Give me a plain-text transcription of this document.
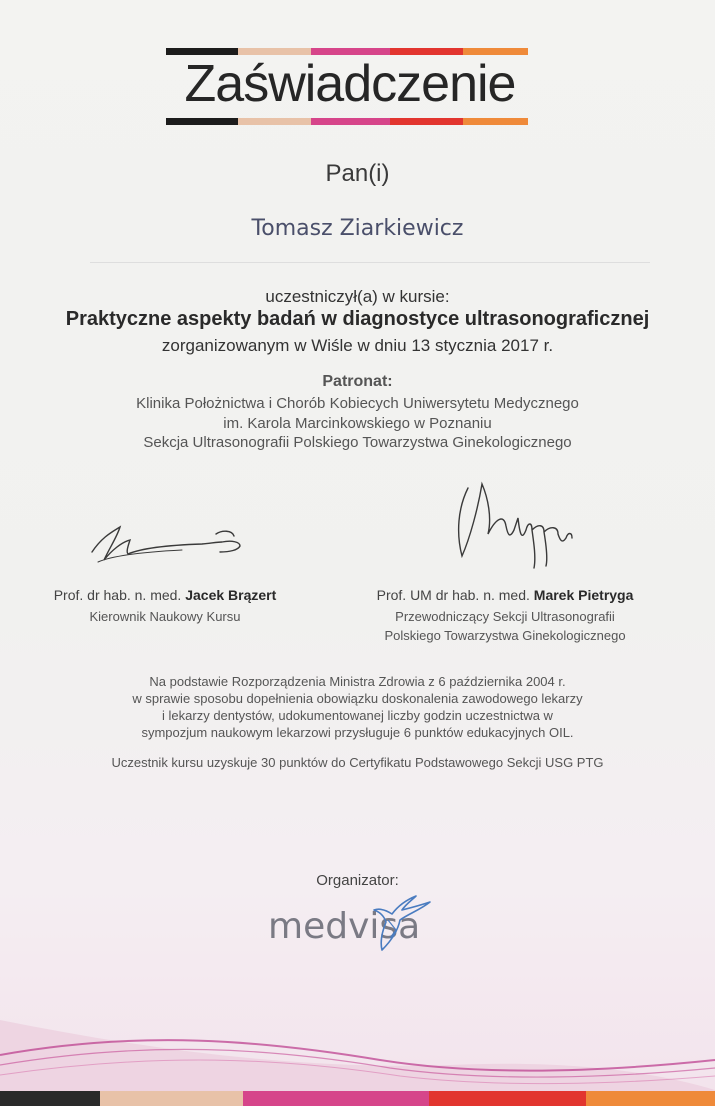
Zaświadczenie
Pan(i)
Tomasz Ziarkiewicz
uczestniczył(a) w kursie:
Praktyczne aspekty badań w diagnostyce ultrasonograficznej
zorganizowanym w Wiśle w dniu 13 stycznia 2017 r.
Patronat:
Klinika Położnictwa i Chorób Kobiecych Uniwersytetu Medycznego
im. Karola Marcinkowskiego w Poznaniu
Sekcja Ultrasonografii Polskiego Towarzystwa Ginekologicznego
Prof. dr hab. n. med. Jacek Brązert
Kierownik Naukowy Kursu
Prof. UM dr hab. n. med. Marek Pietryga
Przewodniczący Sekcji Ultrasonografii
Polskiego Towarzystwa Ginekologicznego
Na podstawie Rozporządzenia Ministra Zdrowia z 6 października 2004 r.
w sprawie sposobu dopełnienia obowiązku doskonalenia zawodowego lekarzy
i lekarzy dentystów, udokumentowanej liczby godzin uczestnictwa w
sympozjum naukowym lekarzowi przysługuje 6 punktów edukacyjnych OIL.
Uczestnik kursu uzyskuje 30 punktów do Certyfikatu Podstawowego Sekcji USG PTG
Organizator:
medvisa
